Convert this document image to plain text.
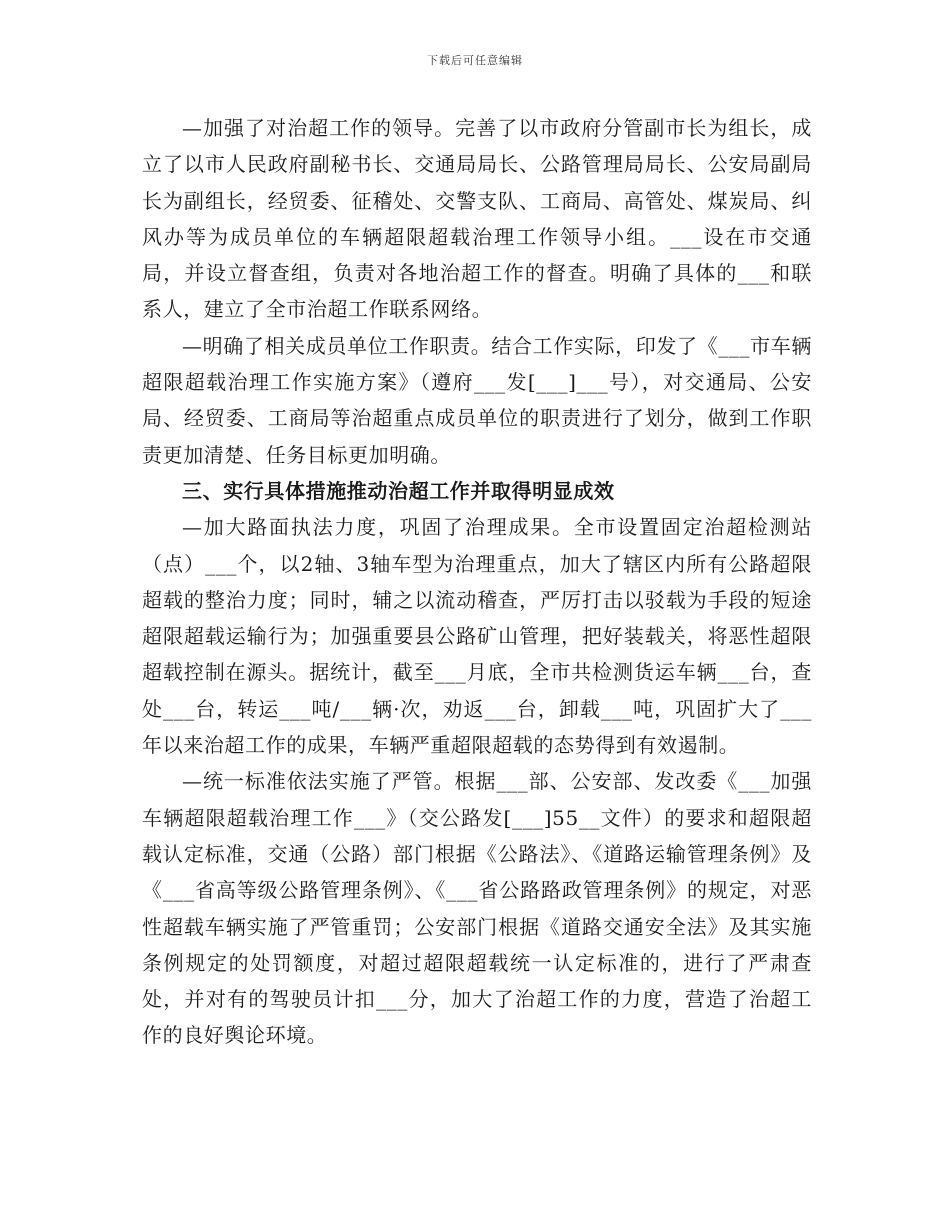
下载后可任意编辑

—加强了对治超工作的领导。完善了以市政府分管副市长为组长，成立了以市人民政府副秘书长、交通局局长、公路管理局局长、公安局副局长为副组长，经贸委、征稽处、交警支队、工商局、高管处、煤炭局、纠风办等为成员单位的车辆超限超载治理工作领导小组。___设在市交通局，并设立督查组，负责对各地治超工作的督查。明确了具体的___和联系人，建立了全市治超工作联系网络。

—明确了相关成员单位工作职责。结合工作实际，印发了《___市车辆超限超载治理工作实施方案》（遵府___发[___]___号），对交通局、公安局、经贸委、工商局等治超重点成员单位的职责进行了划分，做到工作职责更加清楚、任务目标更加明确。

三、实行具体措施推动治超工作并取得明显成效

—加大路面执法力度，巩固了治理成果。全市设置固定治超检测站（点）___个，以2轴、3轴车型为治理重点，加大了辖区内所有公路超限超载的整治力度；同时，辅之以流动稽查，严厉打击以驳载为手段的短途超限超载运输行为；加强重要县公路矿山管理，把好装载关，将恶性超限超载控制在源头。据统计，截至___月底，全市共检测货运车辆___台，查处___台，转运___吨/___辆·次，劝返___台，卸载___吨，巩固扩大了___年以来治超工作的成果，车辆严重超限超载的态势得到有效遏制。

—统一标准依法实施了严管。根据___部、公安部、发改委《___加强车辆超限超载治理工作___》（交公路发[___]55__文件）的要求和超限超载认定标准，交通（公路）部门根据《公路法》、《道路运输管理条例》及《___省高等级公路管理条例》、《___省公路路政管理条例》的规定，对恶性超载车辆实施了严管重罚；公安部门根据《道路交通安全法》及其实施条例规定的处罚额度，对超过超限超载统一认定标准的，进行了严肃查处，并对有的驾驶员计扣___分，加大了治超工作的力度，营造了治超工作的良好舆论环境。
